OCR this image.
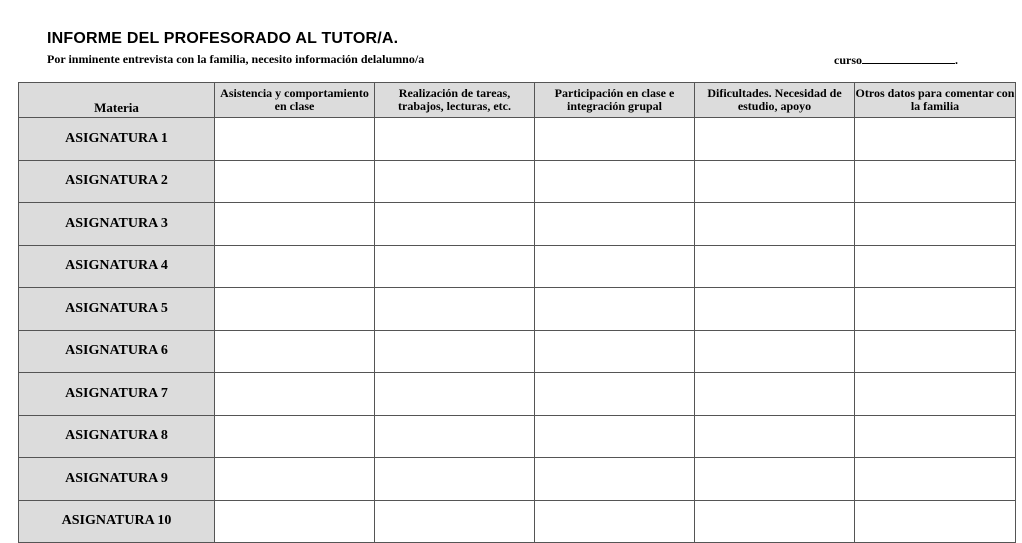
INFORME DEL PROFESORADO AL TUTOR/A.
Por inminente entrevista con la familia, necesito información delalumno/a	curso	.
Materia	Asistencia y comportamiento en clase	Realización de tareas, trabajos, lecturas, etc.	Participación en clase e integración grupal	Dificultades. Necesidad de estudio, apoyo	Otros datos para comentar con la familia
ASIGNATURA 1					
ASIGNATURA 2					
ASIGNATURA 3					
ASIGNATURA 4					
ASIGNATURA 5					
ASIGNATURA 6					
ASIGNATURA 7					
ASIGNATURA 8					
ASIGNATURA 9					
ASIGNATURA 10					
